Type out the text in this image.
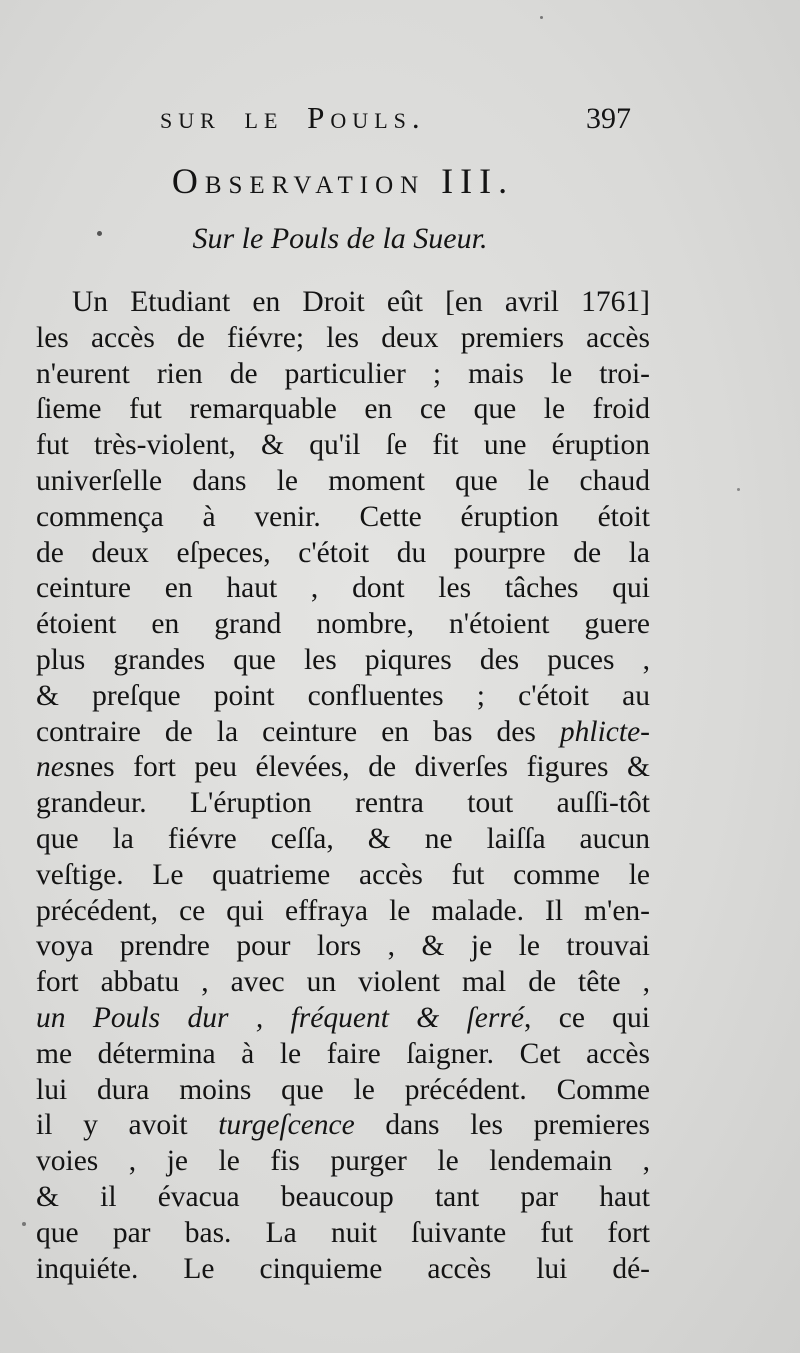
sur le Pouls.	397
Observation III.
Sur le Pouls de la Sueur.
Un Etudiant en Droit eût [en avril 1761]
les accès de fiévre; les deux premiers accès
n'eurent rien de particulier ; mais le troi-
ſieme fut remarquable en ce que le froid
fut très-violent, & qu'il ſe fit une éruption
univerſelle dans le moment que le chaud
commença à venir. Cette éruption étoit
de deux eſpeces, c'étoit du pourpre de la
ceinture en haut , dont les tâches qui
étoient en grand nombre, n'étoient guere
plus grandes que les piqures des puces ,
& preſque point confluentes ; c'étoit au
contraire de la ceinture en bas des phlicte-
nesnes fort peu élevées, de diverſes figures &
grandeur. L'éruption rentra tout auſſi-tôt
que la fiévre ceſſa, & ne laiſſa aucun
veſtige. Le quatrieme accès fut comme le
précédent, ce qui effraya le malade. Il m'en-
voya prendre pour lors , & je le trouvai
fort abbatu , avec un violent mal de tête ,
un Pouls dur , fréquent & ſerré, ce qui
me détermina à le faire ſaigner. Cet accès
lui dura moins que le précédent. Comme
il y avoit turgeſcence dans les premieres
voies , je le fis purger le lendemain ,
& il évacua beaucoup tant par haut
que par bas. La nuit ſuivante fut fort
inquiéte. Le cinquieme accès lui dé-
